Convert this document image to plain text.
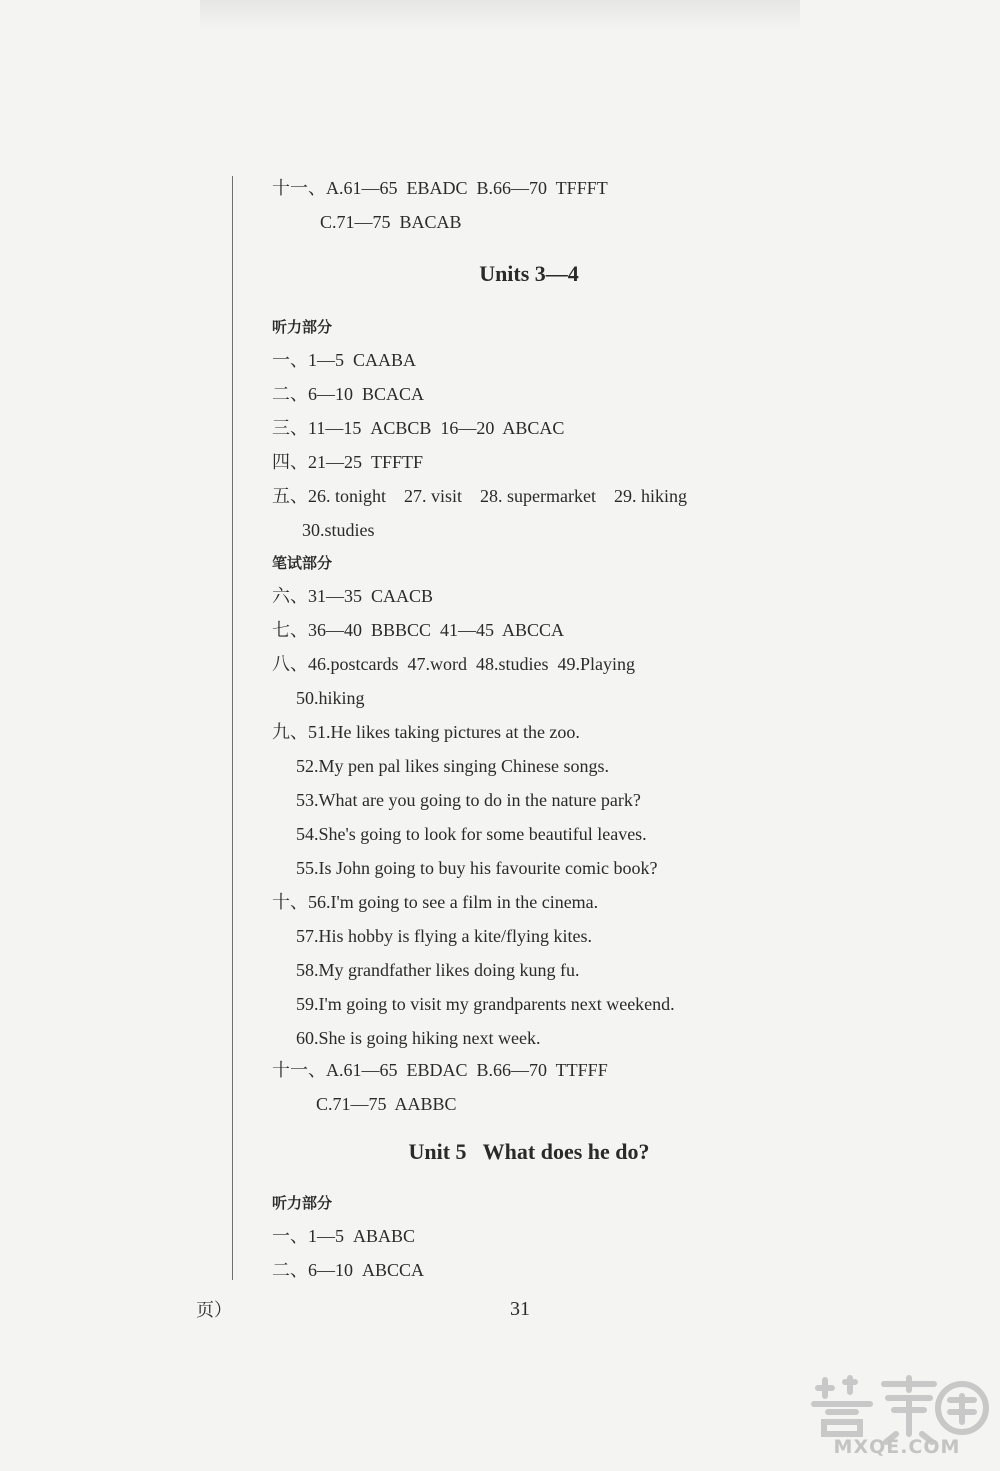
十一、A.61—65  EBADC  B.66—70  TFFFT
C.71—75  BACAB
Units 3—4
听力部分
一、1—5  CAABA
二、6—10  BCACA
三、11—15  ACBCB  16—20  ABCAC
四、21—25  TFFTF
五、26. tonight    27. visit    28. supermarket    29. hiking
30.studies
笔试部分
六、31—35  CAACB
七、36—40  BBBCC  41—45  ABCCA
八、46.postcards  47.word  48.studies  49.Playing
50.hiking
九、51.He likes taking pictures at the zoo.
52.My pen pal likes singing Chinese songs.
53.What are you going to do in the nature park?
54.She's going to look for some beautiful leaves.
55.Is John going to buy his favourite comic book?
十、56.I'm going to see a film in the cinema.
57.His hobby is flying a kite/flying kites.
58.My grandfather likes doing kung fu.
59.I'm going to visit my grandparents next weekend.
60.She is going hiking next week.
十一、A.61—65  EBDAC  B.66—70  TTFFF
C.71—75  AABBC
Unit 5   What does he do?
听力部分
一、1—5  ABABC
二、6—10  ABCCA
页）	31
MXQE.COM
